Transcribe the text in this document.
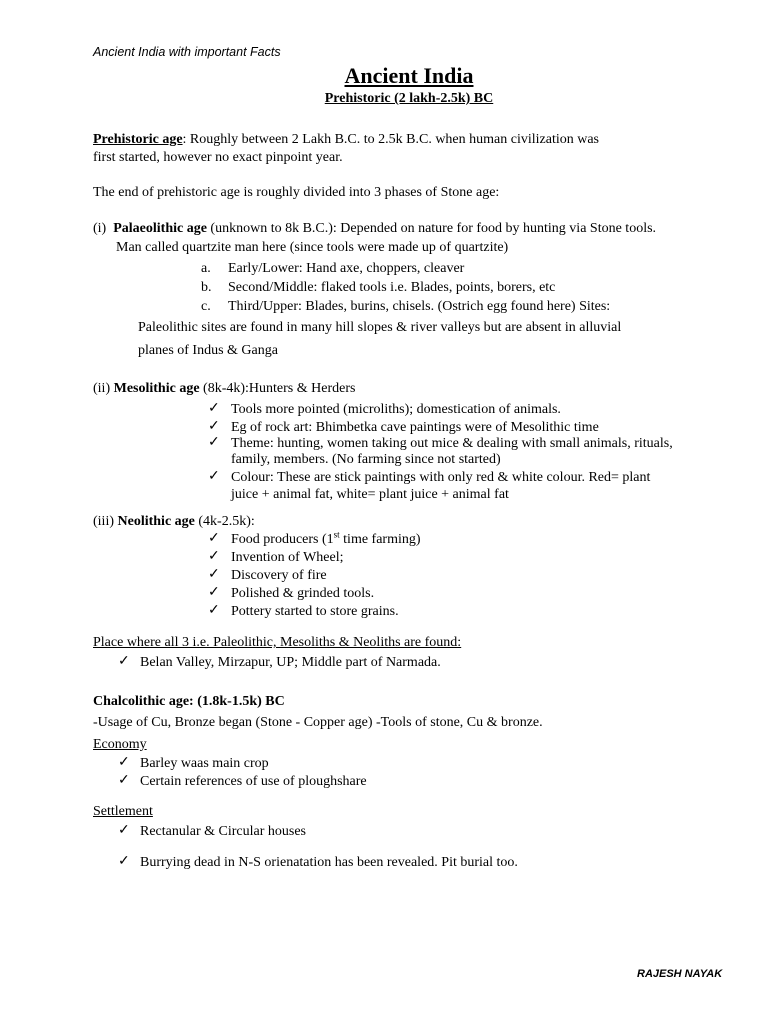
Ancient India with important Facts
Ancient India
Prehistoric (2 lakh-2.5k) BC
Prehistoric age: Roughly between 2 Lakh B.C. to 2.5k B.C. when human civilization was
first started, however no exact pinpoint year.
The end of prehistoric age is roughly divided into 3 phases of Stone age:
(i) Palaeolithic age (unknown to 8k B.C.): Depended on nature for food by hunting via Stone tools.
Man called quartzite man here (since tools were made up of quartzite)
a. Early/Lower: Hand axe, choppers, cleaver
b. Second/Middle: flaked tools i.e. Blades, points, borers, etc
c. Third/Upper: Blades, burins, chisels. (Ostrich egg found here) Sites:
Paleolithic sites are found in many hill slopes & river valleys but are absent in alluvial
planes of Indus & Ganga
(ii) Mesolithic age (8k-4k):Hunters & Herders
✓ Tools more pointed (microliths); domestication of animals.
✓ Eg of rock art: Bhimbetka cave paintings were of Mesolithic time
✓ Theme: hunting, women taking out mice & dealing with small animals, rituals,
family, members. (No farming since not started)
✓ Colour: These are stick paintings with only red & white colour. Red= plant
juice + animal fat, white= plant juice + animal fat
(iii) Neolithic age (4k-2.5k):
✓ Food producers (1st time farming)
✓ Invention of Wheel;
✓ Discovery of fire
✓ Polished & grinded tools.
✓ Pottery started to store grains.
Place where all 3 i.e. Paleolithic, Mesoliths & Neoliths are found:
✓ Belan Valley, Mirzapur, UP; Middle part of Narmada.
Chalcolithic age: (1.8k-1.5k) BC
-Usage of Cu, Bronze began (Stone - Copper age) -Tools of stone, Cu & bronze.
Economy
✓ Barley waas main crop
✓ Certain references of use of ploughshare
Settlement
✓ Rectanular & Circular houses
✓ Burrying dead in N-S orienatation has been revealed. Pit burial too.
RAJESH NAYAK
